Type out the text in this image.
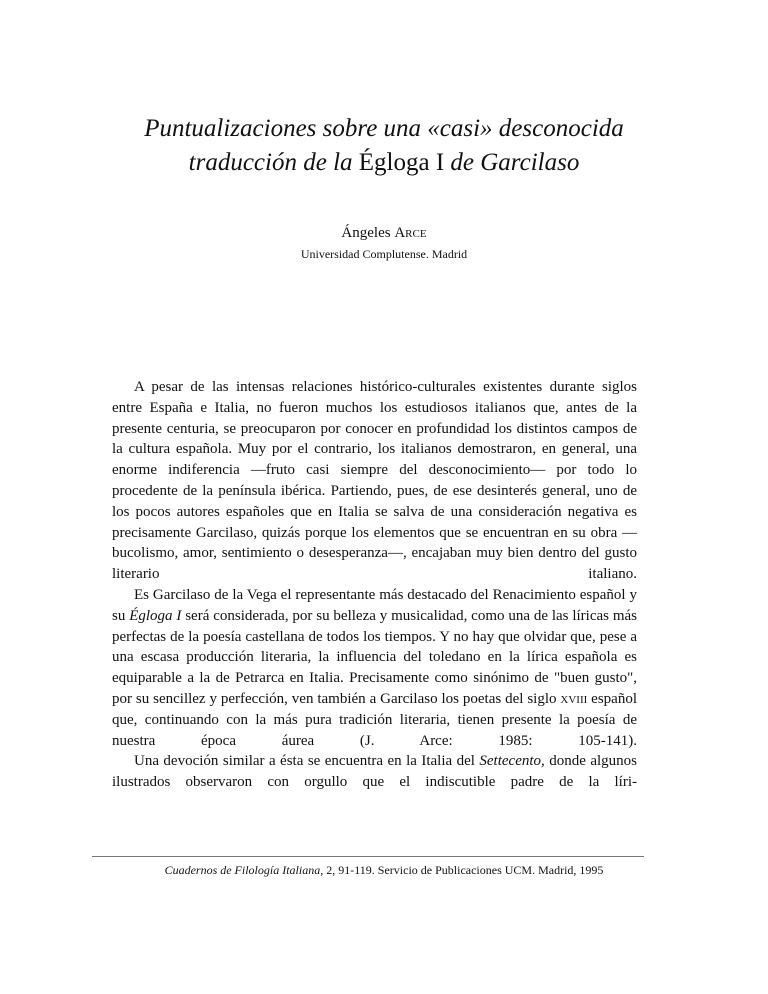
Puntualizaciones sobre una «casi» desconocida
traducción de la Égloga I de Garcilaso
Ángeles Arce
Universidad Complutense. Madrid

A pesar de las intensas relaciones histórico-culturales existentes durante siglos entre España e Italia, no fueron muchos los estudiosos italianos que, antes de la presente centuria, se preocuparon por conocer en profundidad los distintos campos de la cultura española. Muy por el contrario, los italianos demostraron, en general, una enorme indiferencia —fruto casi siempre del desconocimiento— por todo lo procedente de la península ibérica. Partiendo, pues, de ese desinterés general, uno de los pocos autores españoles que en Italia se salva de una consideración negativa es precisamente Garcilaso, quizás porque los elementos que se encuentran en su obra —bucolismo, amor, sentimiento o desesperanza—, encajaban muy bien dentro del gusto literario italiano.

Es Garcilaso de la Vega el representante más destacado del Renacimiento español y su Égloga I será considerada, por su belleza y musicalidad, como una de las líricas más perfectas de la poesía castellana de todos los tiempos. Y no hay que olvidar que, pese a una escasa producción literaria, la influencia del toledano en la lírica española es equiparable a la de Petrarca en Italia. Precisamente como sinónimo de "buen gusto", por su sencillez y perfección, ven también a Garcilaso los poetas del siglo xviii español que, continuando con la más pura tradición literaria, tienen presente la poesía de nuestra época áurea (J. Arce: 1985: 105-141).

Una devoción similar a ésta se encuentra en la Italia del Settecento, donde algunos ilustrados observaron con orgullo que el indiscutible padre de la líri-

Cuadernos de Filología Italiana, 2, 91-119. Servicio de Publicaciones UCM. Madrid, 1995
